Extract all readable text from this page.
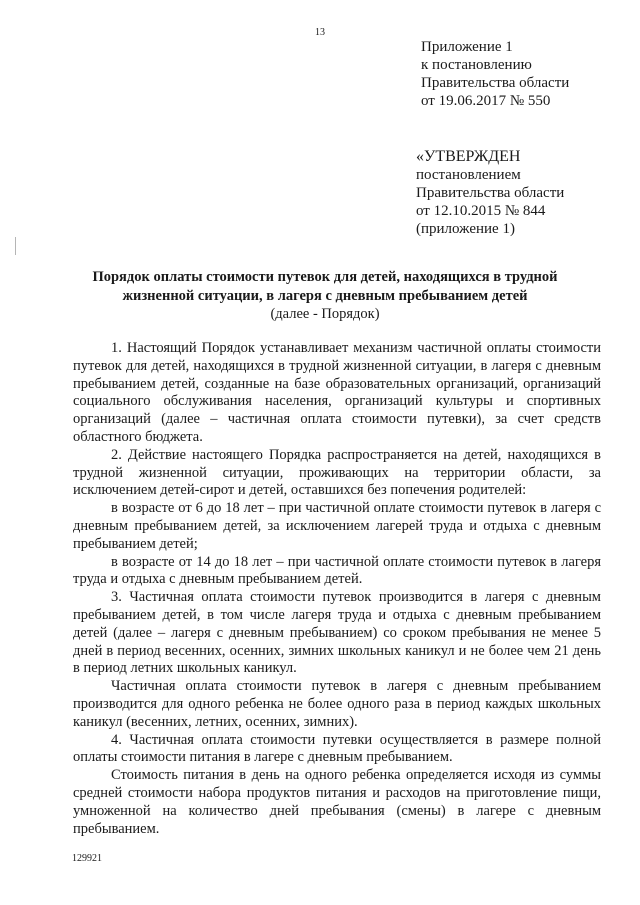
13
Приложение 1
к постановлению
Правительства области
от 19.06.2017 № 550
«УТВЕРЖДЕН
постановлением
Правительства области
от 12.10.2015 № 844
(приложение 1)
Порядок оплаты стоимости путевок для детей, находящихся в трудной жизненной ситуации, в лагеря с дневным пребыванием детей
(далее - Порядок)

1. Настоящий Порядок устанавливает механизм частичной оплаты стоимости путевок для детей, находящихся в трудной жизненной ситуации, в лагеря с дневным пребыванием детей, созданные на базе образовательных организаций, организаций социального обслуживания населения, организаций культуры и спортивных организаций (далее – частичная оплата стоимости путевки), за счет средств областного бюджета.

2. Действие настоящего Порядка распространяется на детей, находящихся в трудной жизненной ситуации, проживающих на территории области, за исключением детей-сирот и детей, оставшихся без попечения родителей:

в возрасте от 6 до 18 лет – при частичной оплате стоимости путевок в лагеря с дневным пребыванием детей, за исключением лагерей труда и отдыха с дневным пребыванием детей;

в возрасте от 14 до 18 лет – при частичной оплате стоимости путевок в лагеря труда и отдыха с дневным пребыванием детей.

3. Частичная оплата стоимости путевок производится в лагеря с дневным пребыванием детей, в том числе лагеря труда и отдыха с дневным пребыванием детей (далее – лагеря с дневным пребыванием) со сроком пребывания не менее 5 дней в период весенних, осенних, зимних школьных каникул и не более чем 21 день в период летних школьных каникул.

Частичная оплата стоимости путевок в лагеря с дневным пребыванием производится для одного ребенка не более одного раза в период каждых школьных каникул (весенних, летних, осенних, зимних).

4. Частичная оплата стоимости путевки осуществляется в размере полной оплаты стоимости питания в лагере с дневным пребыванием.

Стоимость питания в день на одного ребенка определяется исходя из суммы средней стоимости набора продуктов питания и расходов на приготовление пищи, умноженной на количество дней пребывания (смены) в лагере с дневным пребыванием.

129921
